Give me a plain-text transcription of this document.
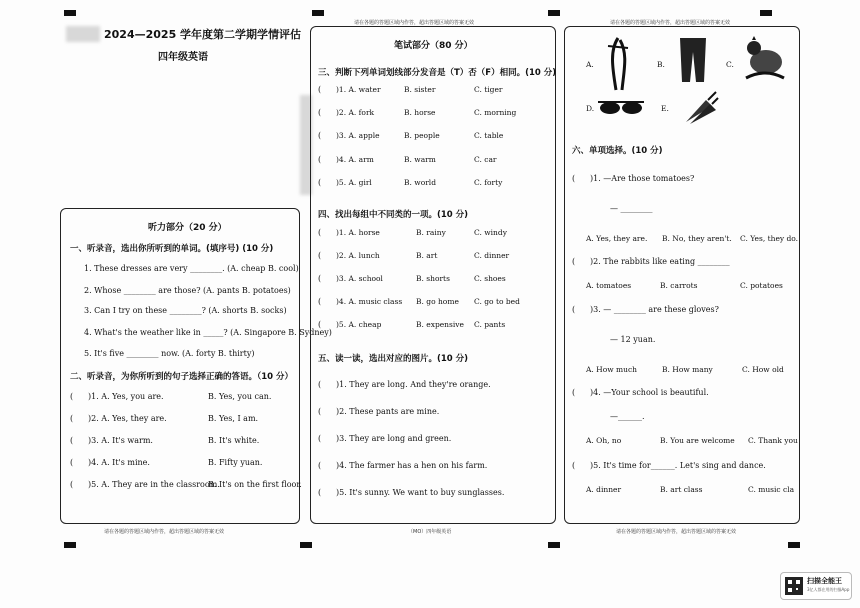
2024—2025 学年度第二学期学情评估
四年级英语
听力部分（20 分）
一、听录音，选出你所听到的单词。(填序号) (10 分)
1. These dresses are very ________. (A. cheap B. cool)
2. Whose ________ are those? (A. pants B. potatoes)
3. Can I try on these ________? (A. shorts B. socks)
4. What's the weather like in _____? (A. Singapore B. Sydney)
5. It's five ________ now. (A. forty B. thirty)
二、听录音，为你所听到的句子选择正确的答语。（10 分）
( )1. A. Yes, you are.	B. Yes, you can.
( )2. A. Yes, they are.	B. Yes, I am.
( )3. A. It's warm.	B. It's white.
( )4. A. It's mine.	B. Fifty yuan.
( )5. A. They are in the classroom.
B. It's on the first floor.
请在各题的答题区域内作答，超出答题区域的答案无效
请在各题的答题区域内作答，超出答题区域的答案无效
笔试部分（80 分）
三、判断下列单词划线部分发音是（T）否（F）相同。(10 分)
( )1. A. water	B. sister	C. tiger
( )2. A. fork	B. horse	C. morning
( )3. A. apple	B. people	C. table
( )4. A. arm	B. warm	C. car
( )5. A. girl	B. world	C. forty
四、找出每组中不同类的一项。(10 分)
( )1. A. horse	B. rainy	C. windy
( )2. A. lunch	B. art	C. dinner
( )3. A. school	B. shorts	C. shoes
( )4. A. music class B. go home C. go to bed
( )5. A. cheap	B. expensive C. pants
五、读一读，选出对应的图片。(10 分)
( )1. They are long. And they're orange.
( )2. These pants are mine.
( )3. They are long and green.
( )4. The farmer has a hen on his farm.
( )5. It's sunny. We want to buy sunglasses.
（MO）四年级英语
请在各题的答题区域内作答，超出答题区域的答案无效
A.	B.	C.
D.	E.
六、单项选择。(10 分)
( )1. —Are those tomatoes?
— ________
A. Yes, they are. B. No, they aren't. C. Yes, they do.
( )2. The rabbits like eating ________
A. tomatoes	B. carrots	C. potatoes
( )3. — ________ are these gloves?
— 12 yuan.
A. How much	B. How many	C. How old
( )4. —Your school is beautiful.
—______.
A. Oh, no	B. You are welcome C. Thank you
( )5. It's time for______. Let's sing and dance.
A. dinner	B. art class	C. music cla
请在各题的答题区域内作答，超出答题区域的答案无效
扫描全能王
3亿人都在用的扫描App
